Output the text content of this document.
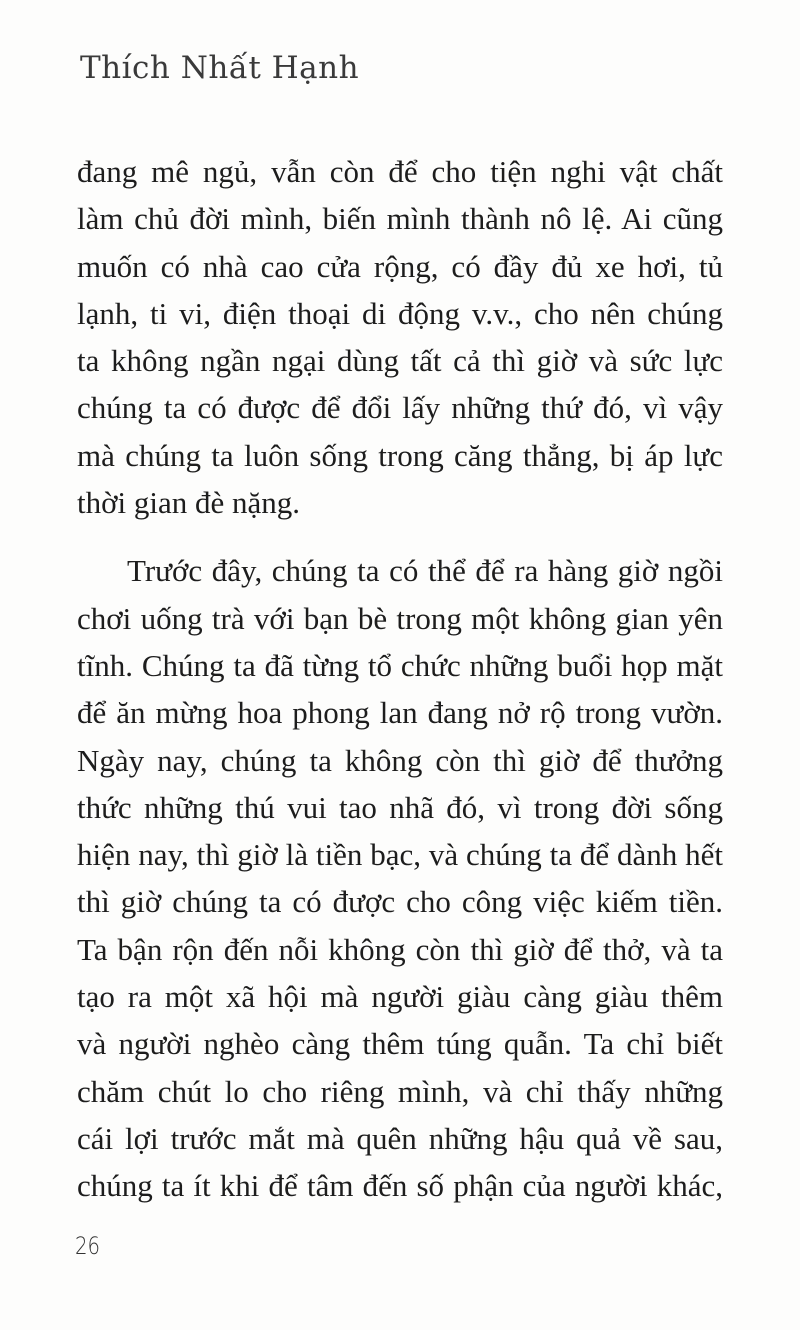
Thích Nhất Hạnh
đang mê ngủ, vẫn còn để cho tiện nghi vật chất
làm chủ đời mình, biến mình thành nô lệ. Ai cũng
muốn có nhà cao cửa rộng, có đầy đủ xe hơi, tủ
lạnh, ti vi, điện thoại di động v.v., cho nên chúng
ta không ngần ngại dùng tất cả thì giờ và sức lực
chúng ta có được để đổi lấy những thứ đó, vì vậy
mà chúng ta luôn sống trong căng thẳng, bị áp lực
thời gian đè nặng.
Trước đây, chúng ta có thể để ra hàng giờ ngồi
chơi uống trà với bạn bè trong một không gian yên
tĩnh. Chúng ta đã từng tổ chức những buổi họp mặt
để ăn mừng hoa phong lan đang nở rộ trong vườn.
Ngày nay, chúng ta không còn thì giờ để thưởng
thức những thú vui tao nhã đó, vì trong đời sống
hiện nay, thì giờ là tiền bạc, và chúng ta để dành hết
thì giờ chúng ta có được cho công việc kiếm tiền.
Ta bận rộn đến nỗi không còn thì giờ để thở, và ta
tạo ra một xã hội mà người giàu càng giàu thêm
và người nghèo càng thêm túng quẫn. Ta chỉ biết
chăm chút lo cho riêng mình, và chỉ thấy những
cái lợi trước mắt mà quên những hậu quả về sau,
chúng ta ít khi để tâm đến số phận của người khác,
26
